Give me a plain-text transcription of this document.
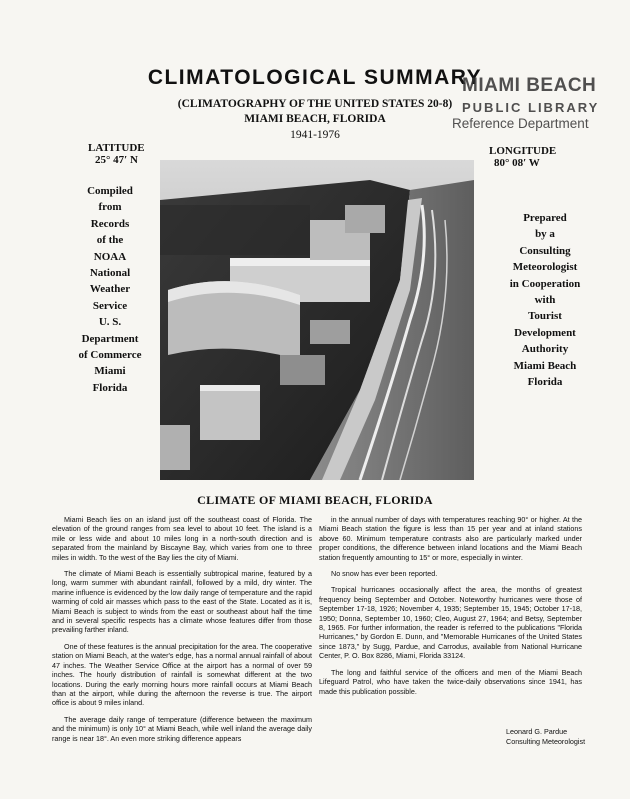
CLIMATOLOGICAL SUMMARY
(CLIMATOGRAPHY OF THE UNITED STATES 20-8)
MIAMI BEACH, FLORIDA
1941-1976
MIAMI BEACH
PUBLIC LIBRARY
Reference Department
LATITUDE
25° 47′ N
LONGITUDE
80° 08′ W
Compiled
from
Records
of the
NOAA
National
Weather
Service
U. S.
Department
of Commerce
Miami
Florida
Prepared
by a
Consulting
Meteorologist
in Cooperation
with
Tourist
Development
Authority
Miami Beach
Florida
CLIMATE OF MIAMI BEACH, FLORIDA

Miami Beach lies on an island just off the southeast coast of Florida. The elevation of the ground ranges from sea level to about 10 feet. The island is a mile or less wide and about 10 miles long in a north-south direction and is separated from the mainland by Biscayne Bay, which varies from one to three miles in width. To the west of the Bay lies the city of Miami.

The climate of Miami Beach is essentially subtropical marine, featured by a long, warm summer with abundant rainfall, followed by a mild, dry winter. The marine influence is evidenced by the low daily range of temperature and the rapid warming of cold air masses which pass to the east of the State. Located as it is, Miami Beach is subject to winds from the east or southeast about half the time and in several specific respects has a climate whose features differ from those prevailing farther inland.

One of these features is the annual precipitation for the area. The cooperative station on Miami Beach, at the water's edge, has a normal annual rainfall of about 47 inches. The Weather Service Office at the airport has a normal of over 59 inches. The hourly distribution of rainfall is somewhat different at the two locations. During the early morning hours more rainfall occurs at Miami Beach than at the airport, while during the afternoon the reverse is true. The airport office is about 9 miles inland.

The average daily range of temperature (difference between the maximum and the minimum) is only 10° at Miami Beach, while well inland the average daily range is near 18°. An even more striking difference appears

in the annual number of days with temperatures reaching 90° or higher. At the Miami Beach station the figure is less than 15 per year and at inland stations above 60. Minimum temperature contrasts also are particularly marked under proper conditions, the difference between inland locations and the Miami Beach station frequently amounting to 15° or more, especially in winter.

No snow has ever been reported.

Tropical hurricanes occasionally affect the area, the months of greatest frequency being September and October. Noteworthy hurricanes were those of September 17-18, 1926; November 4, 1935; September 15, 1945; October 17-18, 1950; Donna, September 10, 1960; Cleo, August 27, 1964; and Betsy, September 8, 1965. For further information, the reader is referred to the publications "Florida Hurricanes," by Gordon E. Dunn, and "Memorable Hurricanes of the United States since 1873," by Sugg, Pardue, and Carrodus, available from National Hurricane Center, P. O. Box 8286, Miami, Florida 33124.

The long and faithful service of the officers and men of the Miami Beach Lifeguard Patrol, who have taken the twice-daily observations since 1941, has made this publication possible.

Leonard G. Pardue
Consulting Meteorologist
